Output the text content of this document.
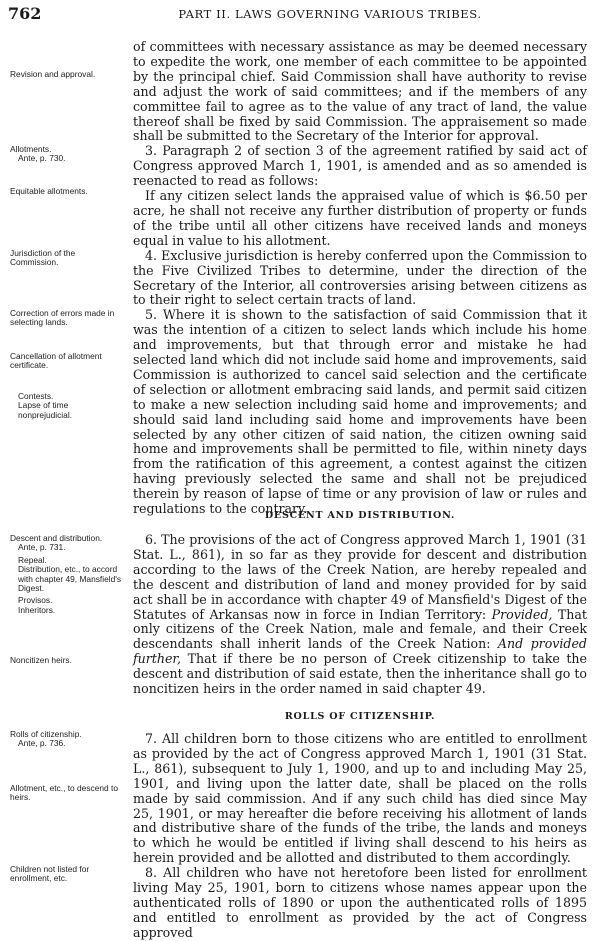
762	PART II. LAWS GOVERNING VARIOUS TRIBES.
Revision and approval.
Allotments.
Ante, p. 730.
Equitable allotments.
Jurisdiction of the Commission.
Correction of errors made in selecting lands.
Cancellation of allotment certificate.
Contests.
Lapse of time nonprejudicial.
Descent and distribution.
Ante, p. 731.
Repeal.
Distribution, etc., to accord with chapter 49, Mansfield's Digest.
Provisos.
Inheritors.
Noncitizen heirs.
Rolls of citizenship.
Ante, p. 736.
Allotment, etc., to descend to heirs.
Children not listed for enrollment, etc.

of committees with necessary assistance as may be deemed necessary to expedite the work, one member of each committee to be appointed by the principal chief. Said Commission shall have authority to revise and adjust the work of said committees; and if the members of any committee fail to agree as to the value of any tract of land, the value thereof shall be fixed by said Commission. The appraisement so made shall be submitted to the Secretary of the Interior for approval.

3. Paragraph 2 of section 3 of the agreement ratified by said act of Congress approved March 1, 1901, is amended and as so amended is reenacted to read as follows:

If any citizen select lands the appraised value of which is $6.50 per acre, he shall not receive any further distribution of property or funds of the tribe until all other citizens have received lands and moneys equal in value to his allotment.

4. Exclusive jurisdiction is hereby conferred upon the Commission to the Five Civilized Tribes to determine, under the direction of the Secretary of the Interior, all controversies arising between citizens as to their right to select certain tracts of land.

5. Where it is shown to the satisfaction of said Commission that it was the intention of a citizen to select lands which include his home and improvements, but that through error and mistake he had selected land which did not include said home and improvements, said Commission is authorized to cancel said selection and the certificate of selection or allotment embracing said lands, and permit said citizen to make a new selection including said home and improvements; and should said land including said home and improvements have been selected by any other citizen of said nation, the citizen owning said home and improvements shall be permitted to file, within ninety days from the ratification of this agreement, a contest against the citizen having previously selected the same and shall not be prejudiced therein by reason of lapse of time or any provision of law or rules and regulations to the contrary.

DESCENT AND DISTRIBUTION.

6. The provisions of the act of Congress approved March 1, 1901 (31 Stat. L., 861), in so far as they provide for descent and distribution according to the laws of the Creek Nation, are hereby repealed and the descent and distribution of land and money provided for by said act shall be in accordance with chapter 49 of Mansfield's Digest of the Statutes of Arkansas now in force in Indian Territory: Provided, That only citizens of the Creek Nation, male and female, and their Creek descendants shall inherit lands of the Creek Nation: And provided further, That if there be no person of Creek citizenship to take the descent and distribution of said estate, then the inheritance shall go to noncitizen heirs in the order named in said chapter 49.

ROLLS OF CITIZENSHIP.

7. All children born to those citizens who are entitled to enrollment as provided by the act of Congress approved March 1, 1901 (31 Stat. L., 861), subsequent to July 1, 1900, and up to and including May 25, 1901, and living upon the latter date, shall be placed on the rolls made by said commission. And if any such child has died since May 25, 1901, or may hereafter die before receiving his allotment of lands and distributive share of the funds of the tribe, the lands and moneys to which he would be entitled if living shall descend to his heirs as herein provided and be allotted and distributed to them accordingly.

8. All children who have not heretofore been listed for enrollment living May 25, 1901, born to citizens whose names appear upon the authenticated rolls of 1890 or upon the authenticated rolls of 1895 and entitled to enrollment as provided by the act of Congress approved
